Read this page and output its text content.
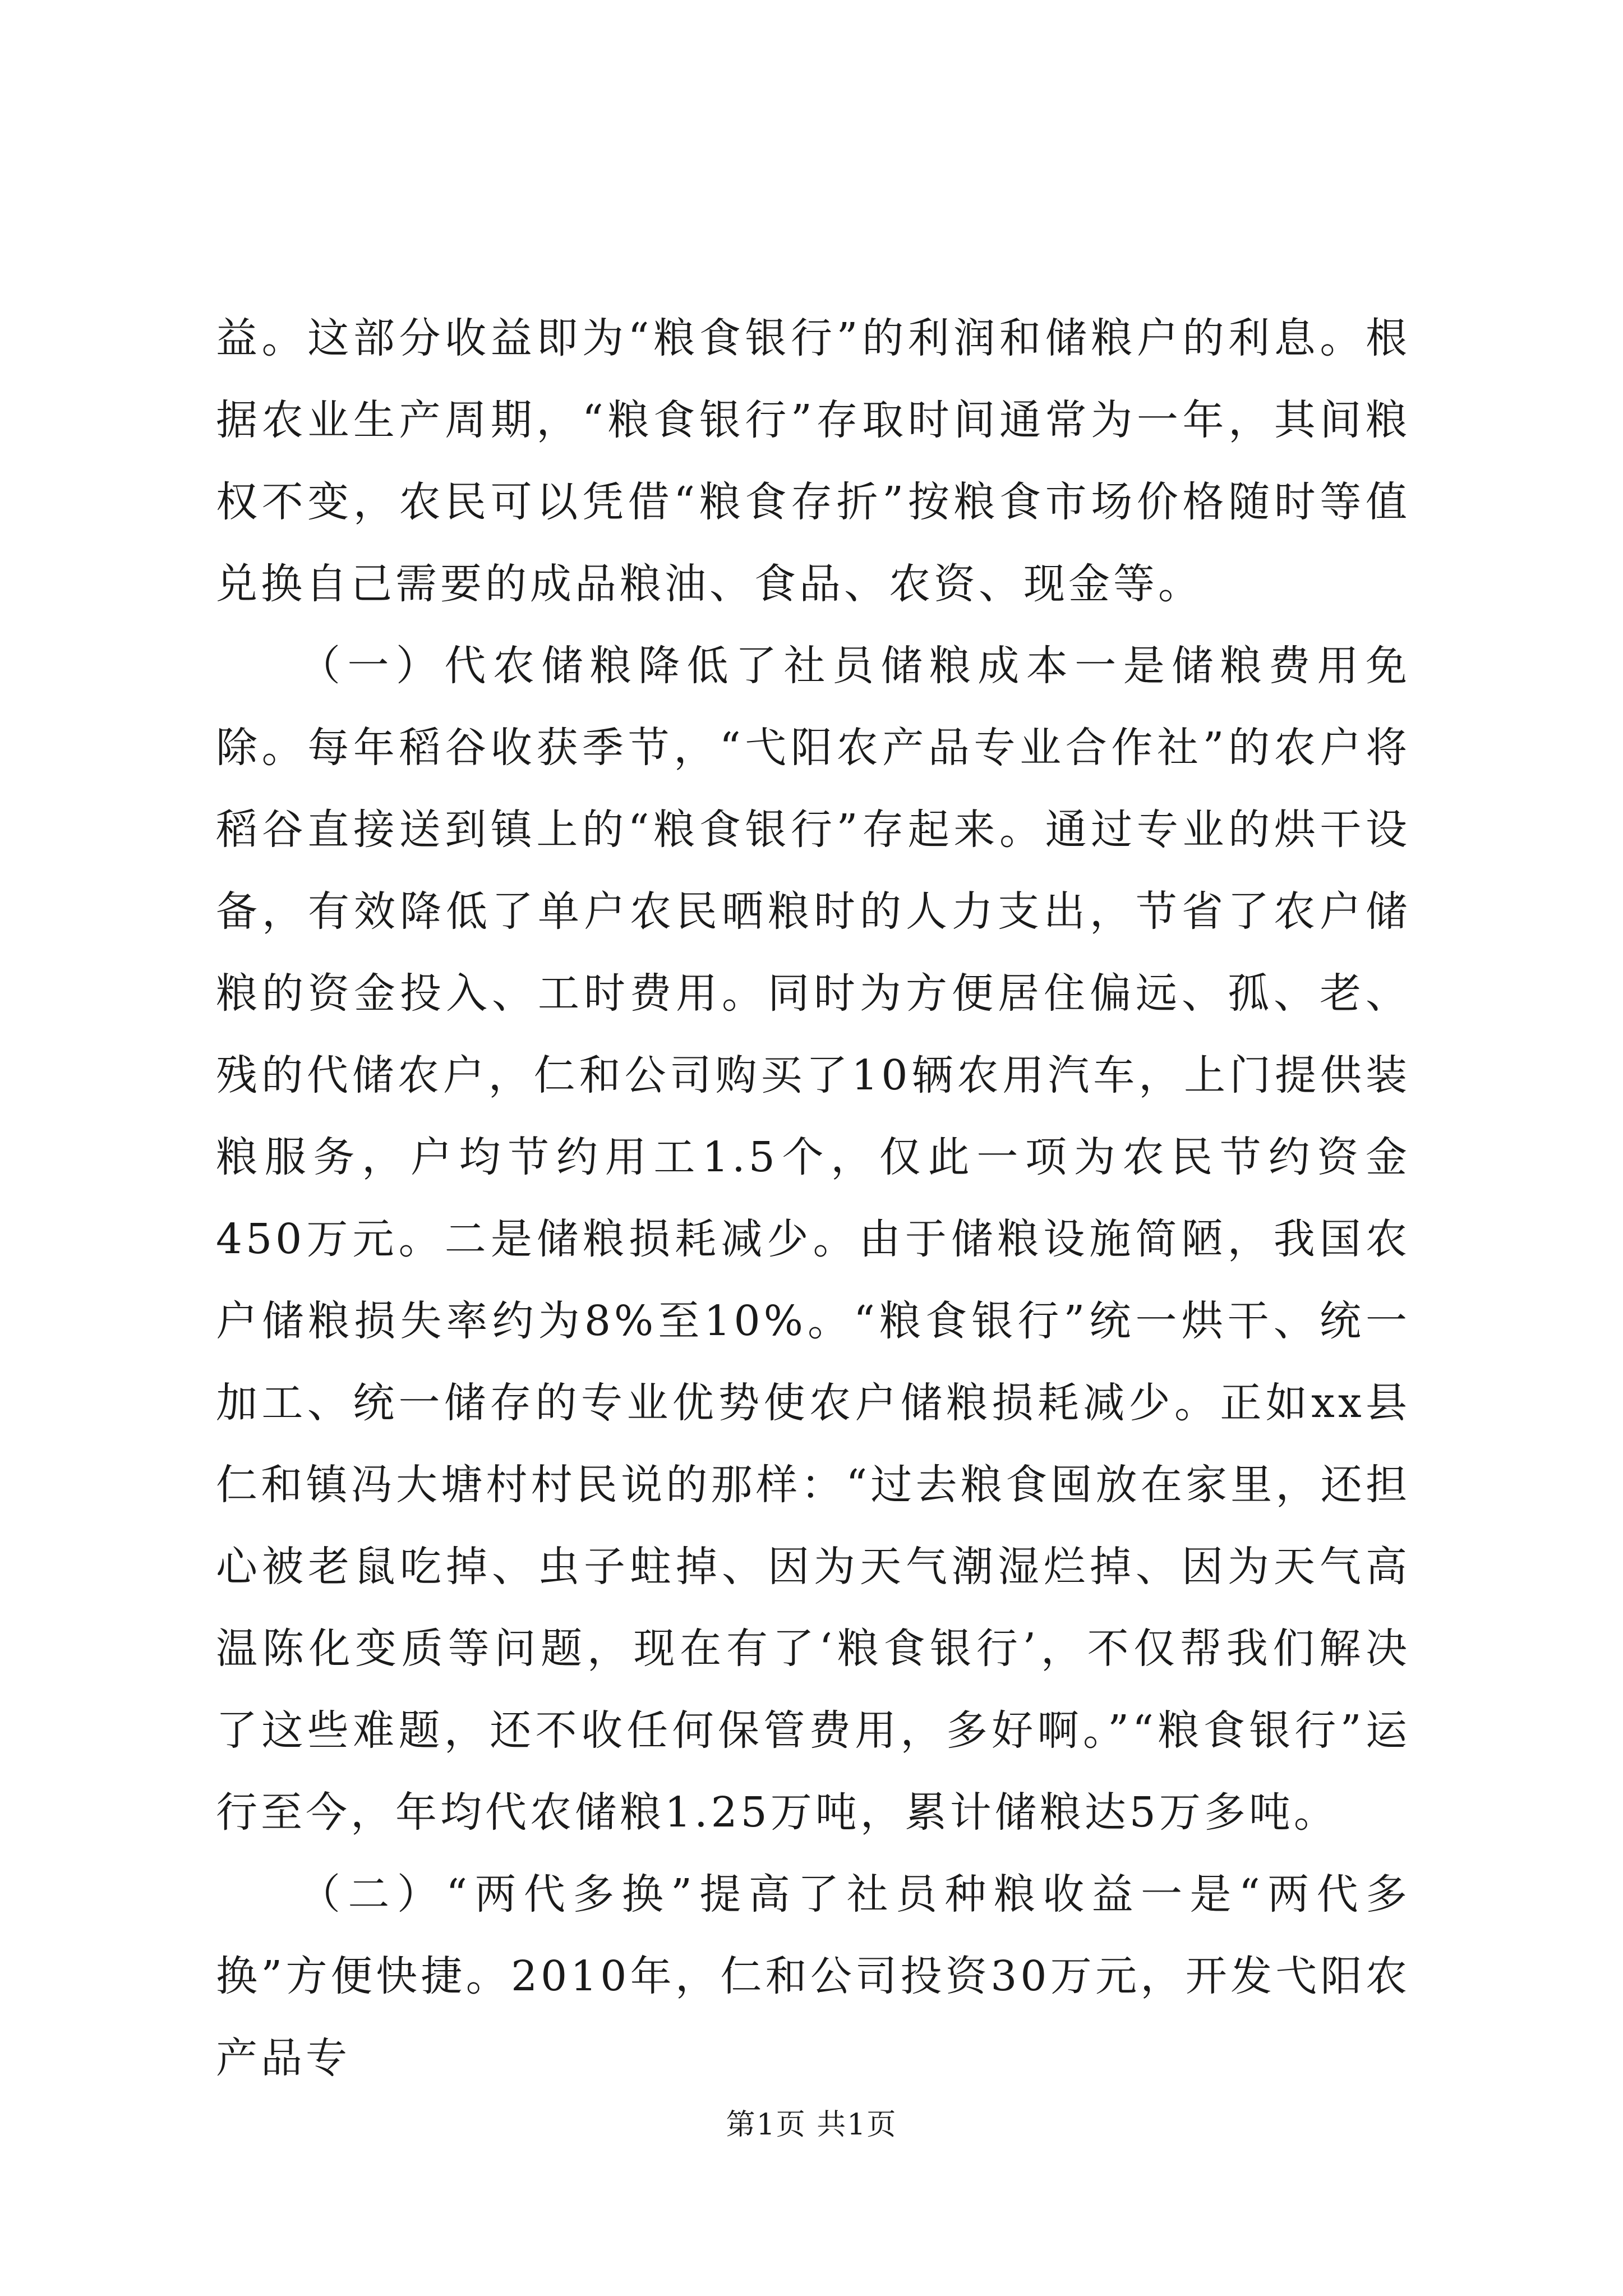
益。这部分收益即为“粮食银行”的利润和储粮户的利息。根据农业生产周期，“粮食银行”存取时间通常为一年，其间粮权不变，农民可以凭借“粮食存折”按粮食市场价格随时等值兑换自己需要的成品粮油、食品、农资、现金等。

（一）代农储粮降低了社员储粮成本一是储粮费用免除。每年稻谷收获季节，“弋阳农产品专业合作社”的农户将稻谷直接送到镇上的“粮食银行”存起来。通过专业的烘干设备，有效降低了单户农民晒粮时的人力支出，节省了农户储粮的资金投入、工时费用。同时为方便居住偏远、孤、老、残的代储农户，仁和公司购买了10辆农用汽车，上门提供装粮服务，户均节约用工1.5个，仅此一项为农民节约资金450万元。二是储粮损耗减少。由于储粮设施简陋，我国农户储粮损失率约为8%至10%。“粮食银行”统一烘干、统一加工、统一储存的专业优势使农户储粮损耗减少。正如xx县仁和镇冯大塘村村民说的那样：“过去粮食囤放在家里，还担心被老鼠吃掉、虫子蛀掉、因为天气潮湿烂掉、因为天气高温陈化变质等问题，现在有了‘粮食银行’，不仅帮我们解决了这些难题，还不收任何保管费用，多好啊。”“粮食银行”运行至今，年均代农储粮1.25万吨，累计储粮达5万多吨。

（二）“两代多换”提高了社员种粮收益一是“两代多换”方便快捷。2010年，仁和公司投资30万元，开发弋阳农产品专

第1页 共1页
